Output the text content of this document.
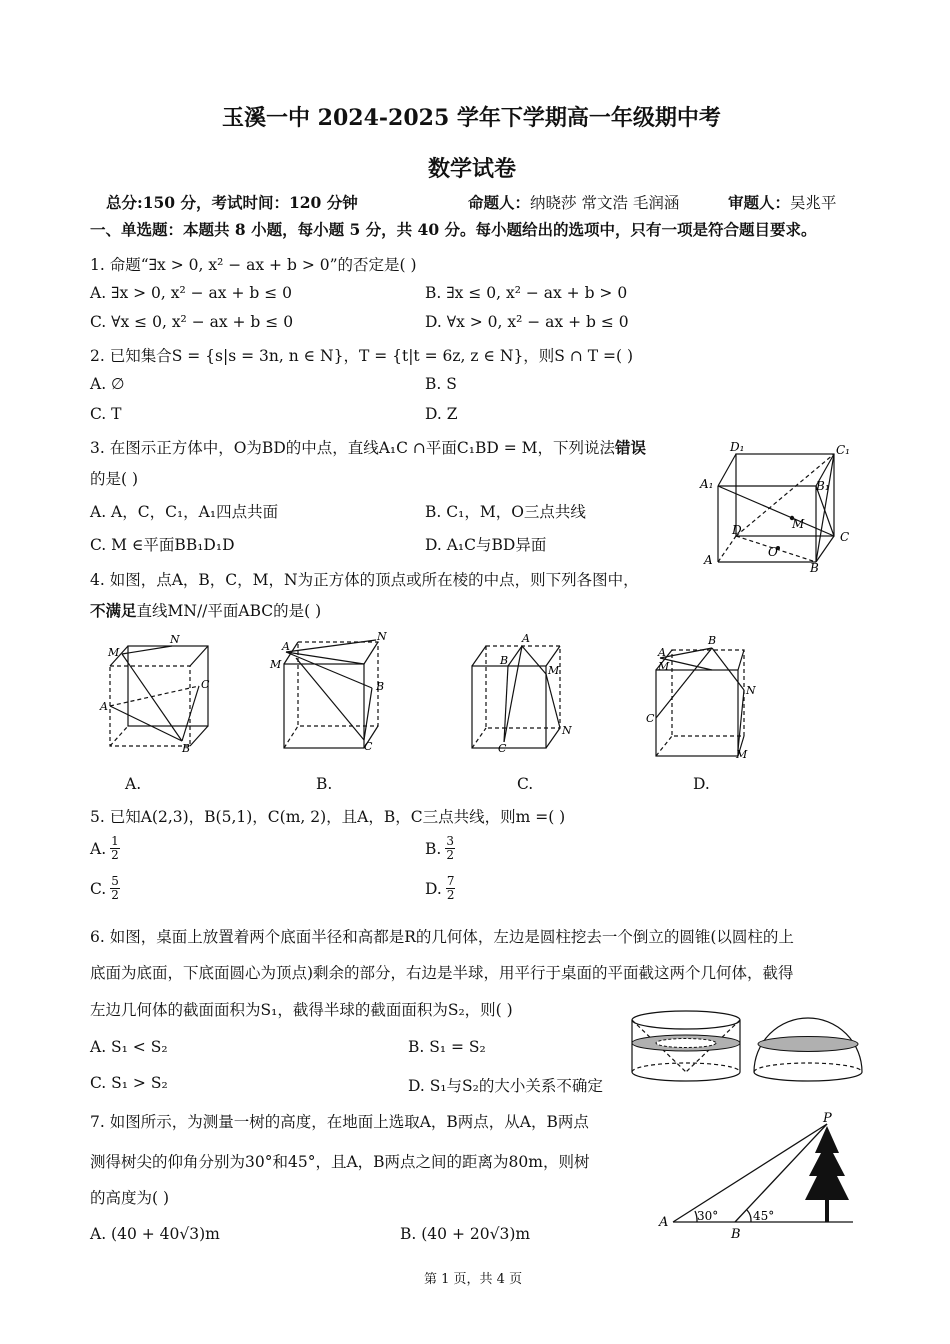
玉溪一中 2024-2025 学年下学期高一年级期中考
数学试卷
总分:150 分，考试时间：120 分钟	命题人：纳晓莎 常文浩 毛润涵	审题人：吴兆平
一、单选题：本题共 8 小题，每小题 5 分，共 40 分。每小题给出的选项中，只有一项是符合题目要求。
1. 命题“∃x > 0, x² − ax + b > 0”的否定是( )
A. ∃x > 0, x² − ax + b ≤ 0	B. ∃x ≤ 0, x² − ax + b > 0
C. ∀x ≤ 0, x² − ax + b ≤ 0	D. ∀x > 0, x² − ax + b ≤ 0
2. 已知集合S = {s|s = 3n, n ∈ N}，T = {t|t = 6z, z ∈ N}，则S ∩ T =( )
A. ∅	B. S
C. T	D. Z
3. 在图示正方体中，O为BD的中点，直线A₁C ∩平面C₁BD = M，下列说法错误
的是( )
A. A，C，C₁，A₁四点共面	B. C₁，M，O三点共线
C. M ∈平面BB₁D₁D	D. A₁C与BD异面
D₁	C₁
A₁	B₁
D	M
C
O
A
B
4. 如图，点A，B，C，M，N为正方体的顶点或所在棱的中点，则下列各图中，
不满足直线MN//平面ABC的是( )
M
N
C
A
B
A
M
N
B
C
A
B
M
C
N
A
M
B
N
C
M
A.	B.	C.	D.
5. 已知A(2,3)，B(5,1)，C(m, 2)，且A，B，C三点共线，则m =( )
A. $\frac{1}{2}$	B. $\frac{3}{2}$
C. $\frac{5}{2}$	D. $\frac{7}{2}$
6. 如图，桌面上放置着两个底面半径和高都是R的几何体，左边是圆柱挖去一个倒立的圆锥(以圆柱的上
底面为底面，下底面圆心为顶点)剩余的部分，右边是半球，用平行于桌面的平面截这两个几何体，截得
左边几何体的截面面积为S₁，截得半球的截面面积为S₂，则( )
A. S₁ < S₂	B. S₁ = S₂
C. S₁ > S₂	D. S₁与S₂的大小关系不确定
7. 如图所示，为测量一树的高度，在地面上选取A，B两点，从A，B两点
测得树尖的仰角分别为30°和45°，且A，B两点之间的距离为80m，则树
的高度为( )
A. (40 + 40√3)m	B. (40 + 20√3)m
P
A 30°
B
45°
第 1 页，共 4 页
